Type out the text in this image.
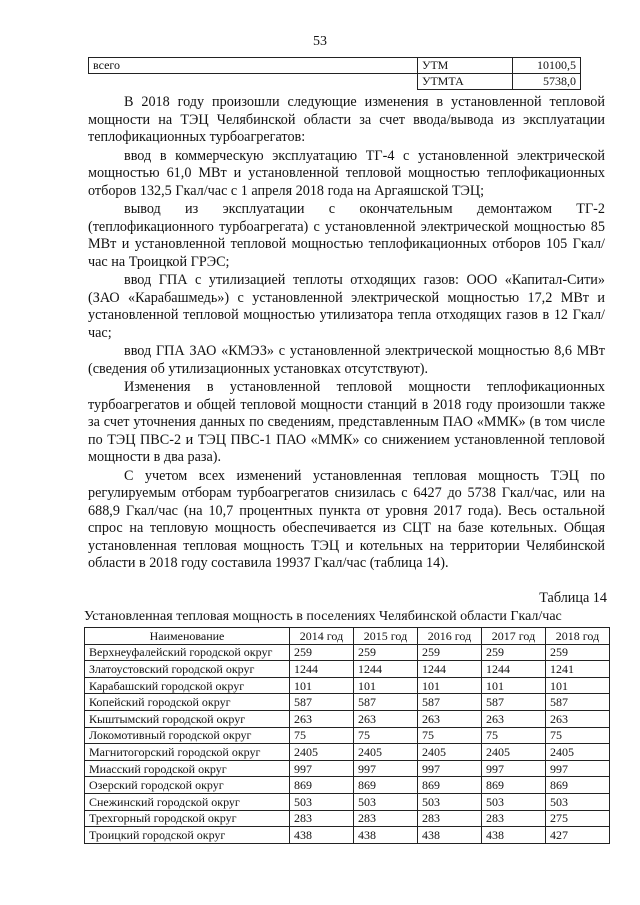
53
всего	УТМ	10100,5
	УТМТА	5738,0

В 2018 году произошли следующие изменения в установленной тепловой мощности на ТЭЦ Челябинской области за счет ввода/вывода из эксплуатации теплофикационных турбоагрегатов:

ввод в коммерческую эксплуатацию ТГ-4 с установленной электрической мощностью 61,0 МВт и установленной тепловой мощностью теплофикационных отборов 132,5 Гкал/час с 1 апреля 2018 года на Аргаяшской ТЭЦ;

вывод из эксплуатации с окончательным демонтажом ТГ-2 (теплофикационного турбоагрегата) с установленной электрической мощностью 85 МВт и установленной тепловой мощностью теплофикационных отборов 105 Гкал/час на Троицкой ГРЭС;

ввод ГПА с утилизацией теплоты отходящих газов: ООО «Капитал-Сити» (ЗАО «Карабашмедь») с установленной электрической мощностью 17,2 МВт и установленной тепловой мощностью утилизатора тепла отходящих газов в 12 Гкал/час;

ввод ГПА ЗАО «КМЭЗ» с установленной электрической мощностью 8,6 МВт (сведения об утилизационных установках отсутствуют).

Изменения в установленной тепловой мощности теплофикационных турбоагрегатов и общей тепловой мощности станций в 2018 году произошли также за счет уточнения данных по сведениям, представленным ПАО «ММК» (в том числе по ТЭЦ ПВС-2 и ТЭЦ ПВС-1 ПАО «ММК» со снижением установленной тепловой мощности в два раза).

С учетом всех изменений установленная тепловая мощность ТЭЦ по регулируемым отборам турбоагрегатов снизилась с 6427 до 5738 Гкал/час, или на 688,9 Гкал/час (на 10,7 процентных пункта от уровня 2017 года). Весь остальной спрос на тепловую мощность обеспечивается из СЦТ на базе котельных. Общая установленная тепловая мощность ТЭЦ и котельных на территории Челябинской области в 2018 году составила 19937 Гкал/час (таблица 14).

Таблица 14
Установленная тепловая мощность в поселениях Челябинской области Гкал/час
Наименование	2014 год	2015 год	2016 год	2017 год	2018 год
Верхнеуфалейский городской округ	259	259	259	259	259
Златоустовский городской округ	1244	1244	1244	1244	1241
Карабашский городской округ	101	101	101	101	101
Копейский городской округ	587	587	587	587	587
Кыштымский городской округ	263	263	263	263	263
Локомотивный городской округ	75	75	75	75	75
Магнитогорский городской округ	2405	2405	2405	2405	2405
Миасский городской округ	997	997	997	997	997
Озерский городской округ	869	869	869	869	869
Снежинский городской округ	503	503	503	503	503
Трехгорный городской округ	283	283	283	283	275
Троицкий городской округ	438	438	438	438	427
